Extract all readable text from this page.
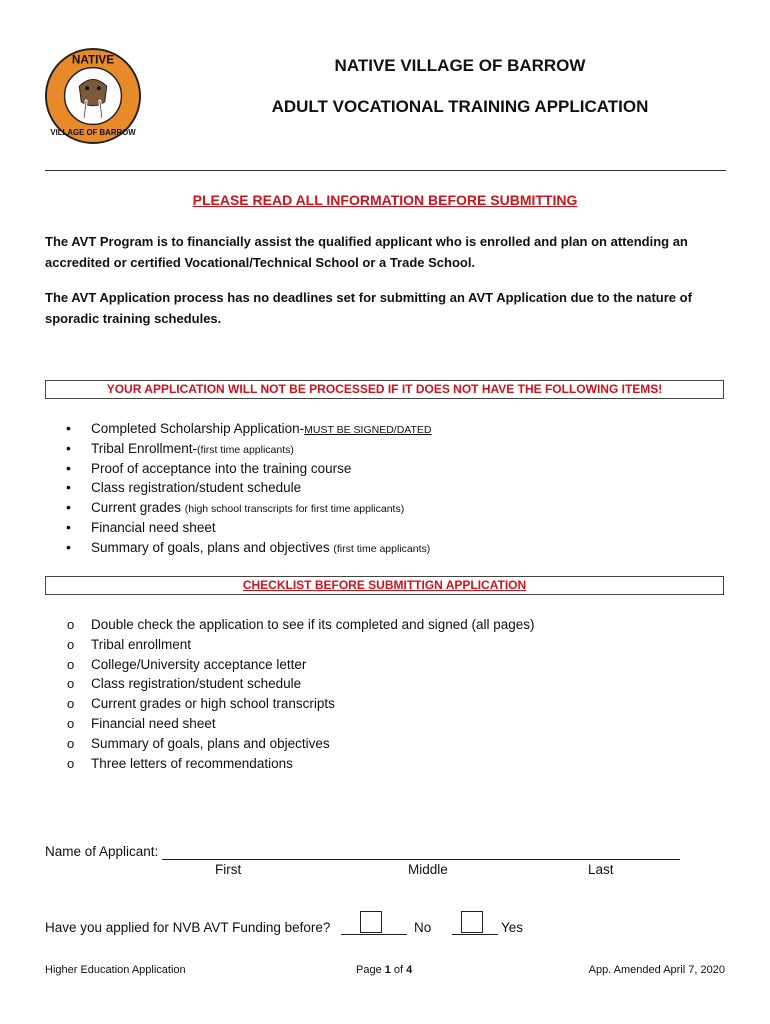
NATIVE
VILLAGE OF BARROW
NATIVE VILLAGE OF BARROW
ADULT VOCATIONAL TRAINING APPLICATION
PLEASE READ ALL INFORMATION BEFORE SUBMITTING
The AVT Program is to financially assist the qualified applicant who is enrolled and plan on attending an accredited or certified Vocational/Technical School or a Trade School.
The AVT Application process has no deadlines set for submitting an AVT Application due to the nature of sporadic training schedules.
YOUR APPLICATION WILL NOT BE PROCESSED IF IT DOES NOT HAVE THE FOLLOWING ITEMS!
• Completed Scholarship Application-MUST BE SIGNED/DATED
• Tribal Enrollment-(first time applicants)
• Proof of acceptance into the training course
• Class registration/student schedule
• Current grades (high school transcripts for first time applicants)
• Financial need sheet
• Summary of goals, plans and objectives (first time applicants)
CHECKLIST BEFORE SUBMITTIGN APPLICATION
o Double check the application to see if its completed and signed (all pages)
o Tribal enrollment
o College/University acceptance letter
o Class registration/student schedule
o Current grades or high school transcripts
o Financial need sheet
o Summary of goals, plans and objectives
o Three letters of recommendations
Name of Applicant:
First	Middle	Last
Have you applied for NVB AVT Funding before?	No	Yes
Higher Education Application	Page 1 of 4	App. Amended April 7, 2020
